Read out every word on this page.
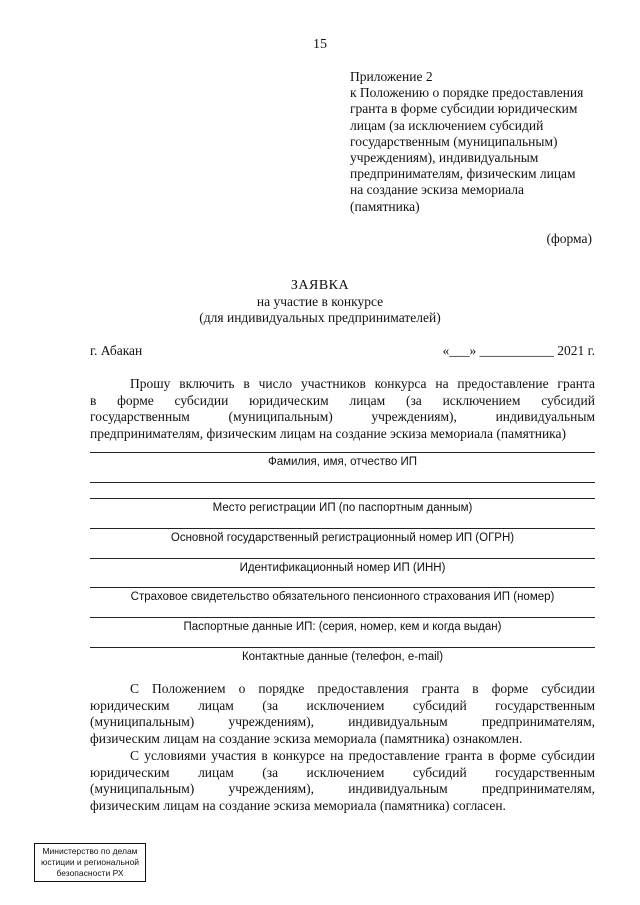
15
Приложение 2
к Положению о порядке предоставления
гранта в форме субсидии юридическим
лицам (за исключением субсидий
государственным (муниципальным)
учреждениям), индивидуальным
предпринимателям, физическим лицам
на создание эскиза мемориала
(памятника)
(форма)
ЗАЯВКА
на участие в конкурсе
(для индивидуальных предпринимателей)
г. Абакан	«___» ___________ 2021 г.
Прошу включить в число участников конкурса на предоставление гранта
в форме субсидии юридическим лицам (за исключением субсидий
государственным (муниципальным) учреждениям), индивидуальным
предпринимателям, физическим лицам на создание эскиза мемориала (памятника)
Фамилия, имя, отчество ИП
Место регистрации ИП (по паспортным данным)
Основной государственный регистрационный номер ИП (ОГРН)
Идентификационный номер ИП (ИНН)
Страховое свидетельство обязательного пенсионного страхования ИП (номер)
Паспортные данные ИП: (серия, номер, кем и когда выдан)
Контактные данные (телефон, e-mail)
С Положением о порядке предоставления гранта в форме субсидии
юридическим лицам (за исключением субсидий государственным
(муниципальным) учреждениям), индивидуальным предпринимателям,
физическим лицам на создание эскиза мемориала (памятника) ознакомлен.
С условиями участия в конкурсе на предоставление гранта в форме субсидии
юридическим лицам (за исключением субсидий государственным
(муниципальным) учреждениям), индивидуальным предпринимателям,
физическим лицам на создание эскиза мемориала (памятника) согласен.
Министерство по делам
юстиции и региональной
безопасности РХ
